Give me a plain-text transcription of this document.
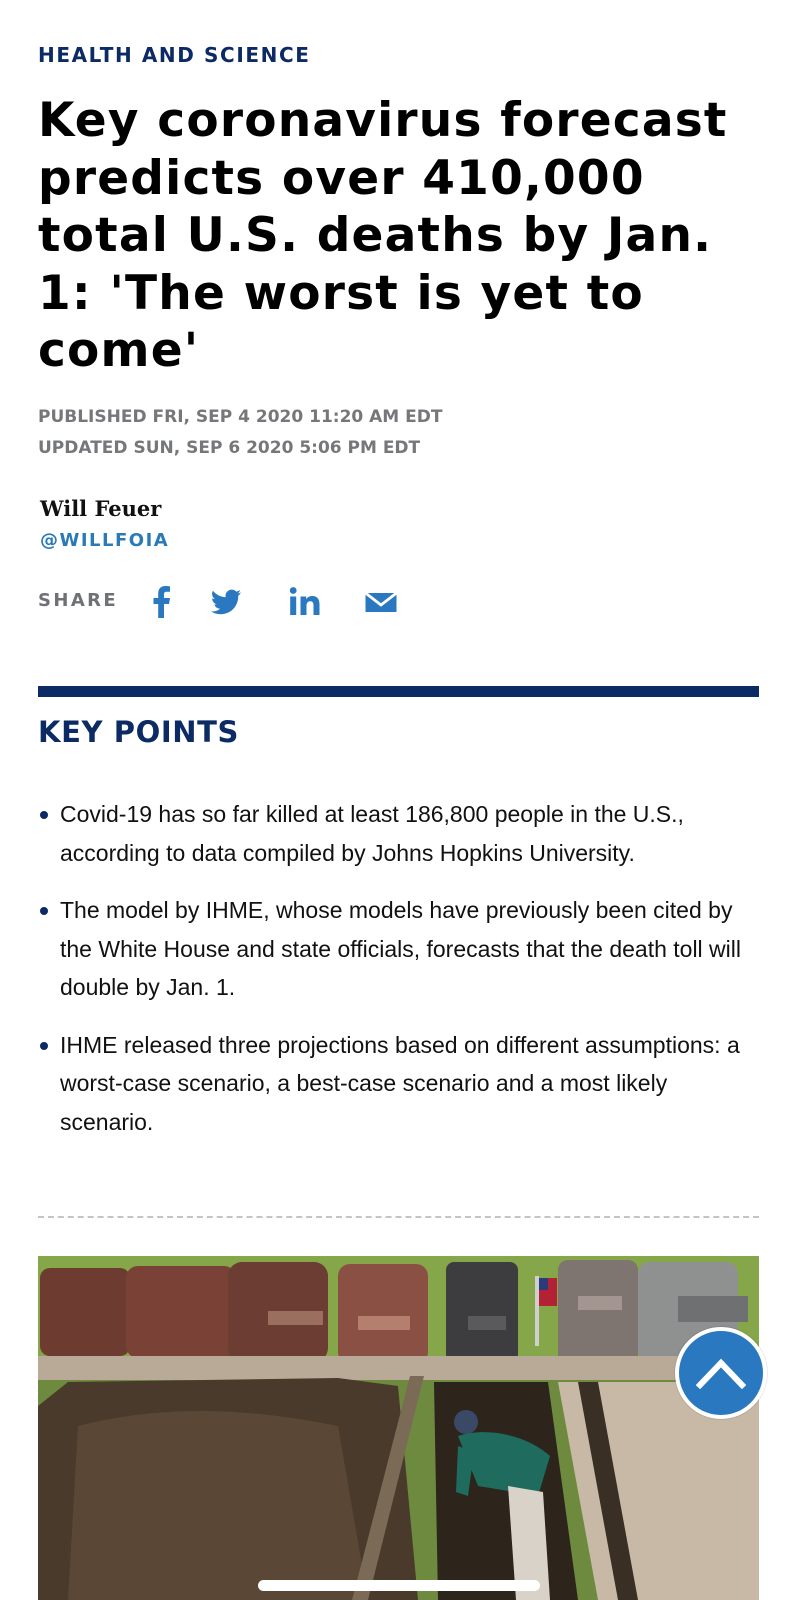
HEALTH AND SCIENCE
Key coronavirus forecast predicts over 410,000 total U.S. deaths by Jan. 1: 'The worst is yet to come'
PUBLISHED FRI, SEP 4 2020 11:20 AM EDT
UPDATED SUN, SEP 6 2020 5:06 PM EDT
Will Feuer
@WILLFOIA
SHARE
KEY POINTS
Covid-19 has so far killed at least 186,800 people in the U.S., according to data compiled by Johns Hopkins University.
The model by IHME, whose models have previously been cited by the White House and state officials, forecasts that the death toll will double by Jan. 1.
IHME released three projections based on different assumptions: a worst-case scenario, a best-case scenario and a most likely scenario.
